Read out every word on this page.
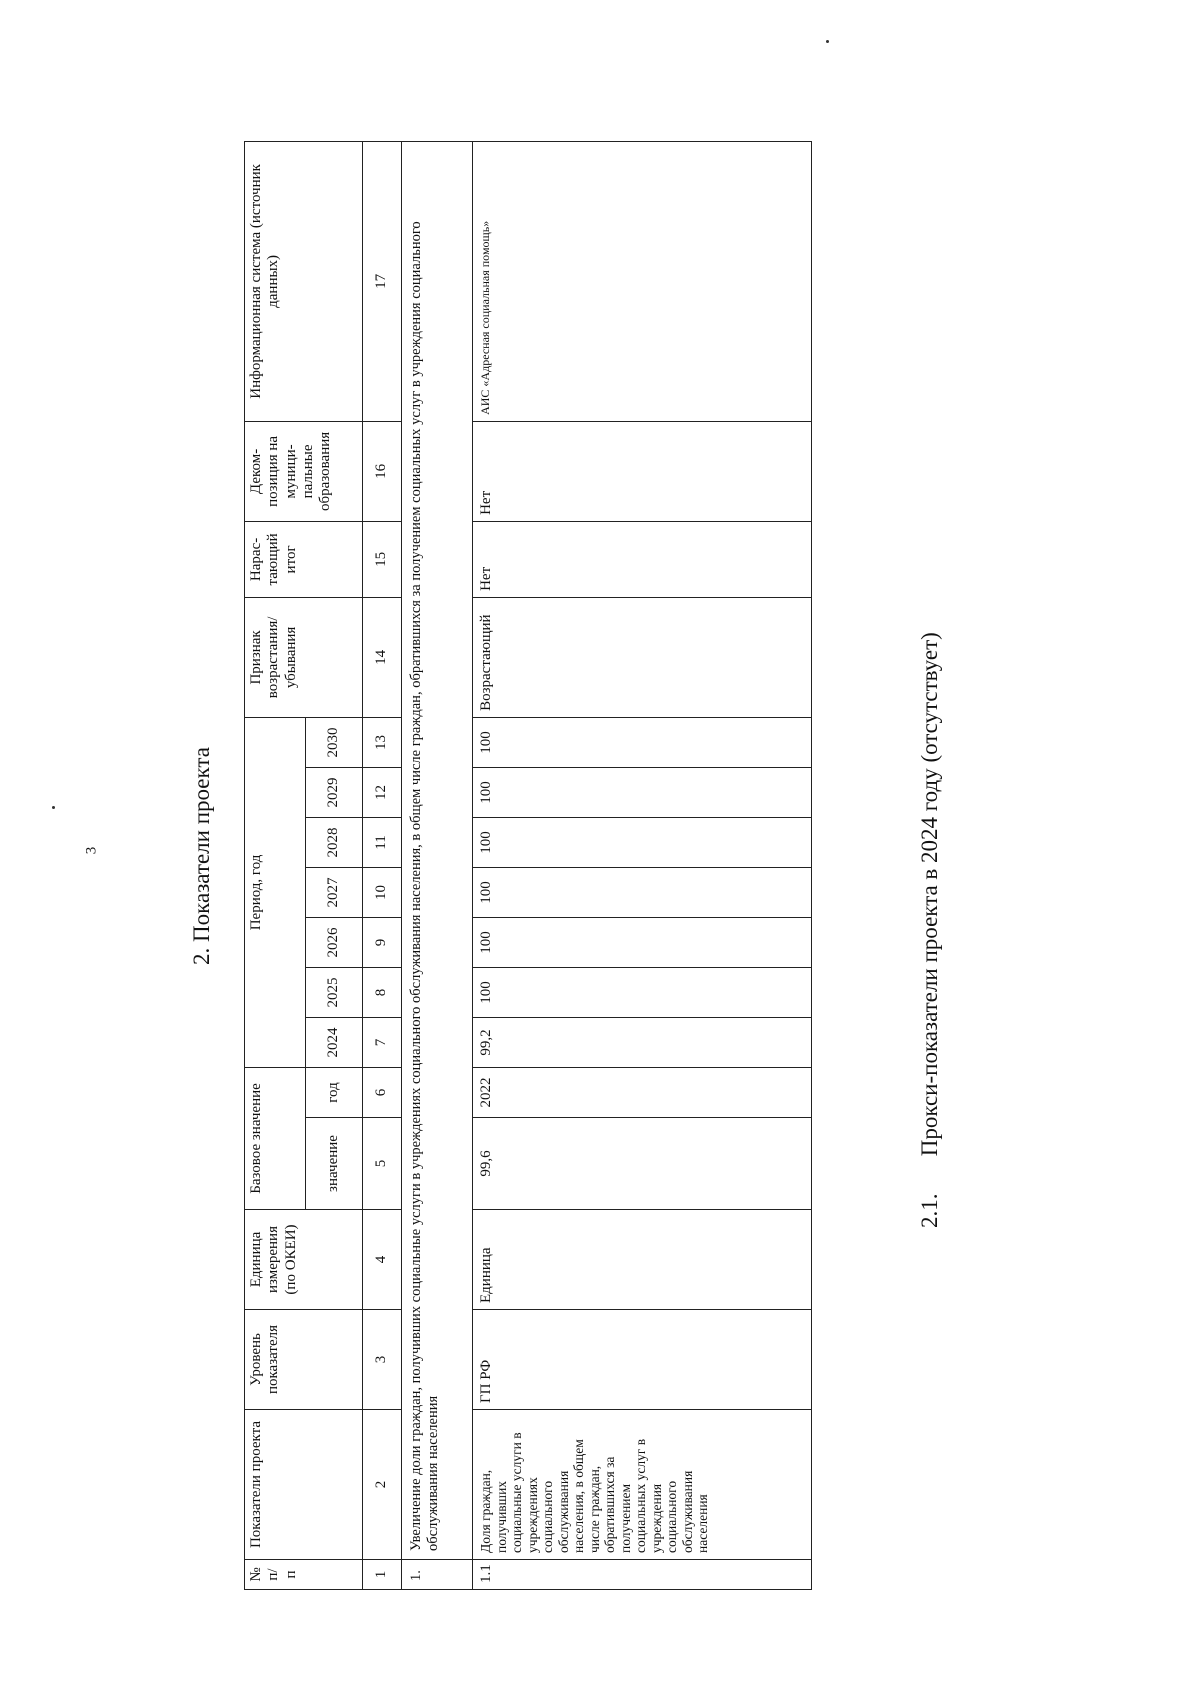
3	2. Показатели проекта
№ п/п	Показатели проекта	Уровень показателя	Единица измерения (по ОКЕИ)	Базовое значение		Период, год							Признак возрастания/ убывания	Нарас-тающий итог	Деком-позиция на муници-пальные образования	Информационная система (источник данных)
				значение	год	2024	2025	2026	2027	2028	2029	2030				
1	2	3	4	5	6	7	8	9	10	11	12	13	14	15	16	17
1.	Увеличение доли граждан, получивших социальные услуги в учреждениях социального обслуживания населения, в общем числе граждан, обратившихся за получением социальных услуг в учреждения социального обслуживания населения															
1.1	Доля граждан, получивших социальные услуги в учреждениях социального обслуживания населения, в общем числе граждан, обратившихся за получением социальных услуг в учреждения социального обслуживания населения	ГП РФ	Единица	99,6	2022	99,2	100	100	100	100	100	100	Возрастающий	Нет	Нет	АИС «Адресная социальная помощь»
2.1. Прокси-показатели проекта в 2024 году (отсутствует)
